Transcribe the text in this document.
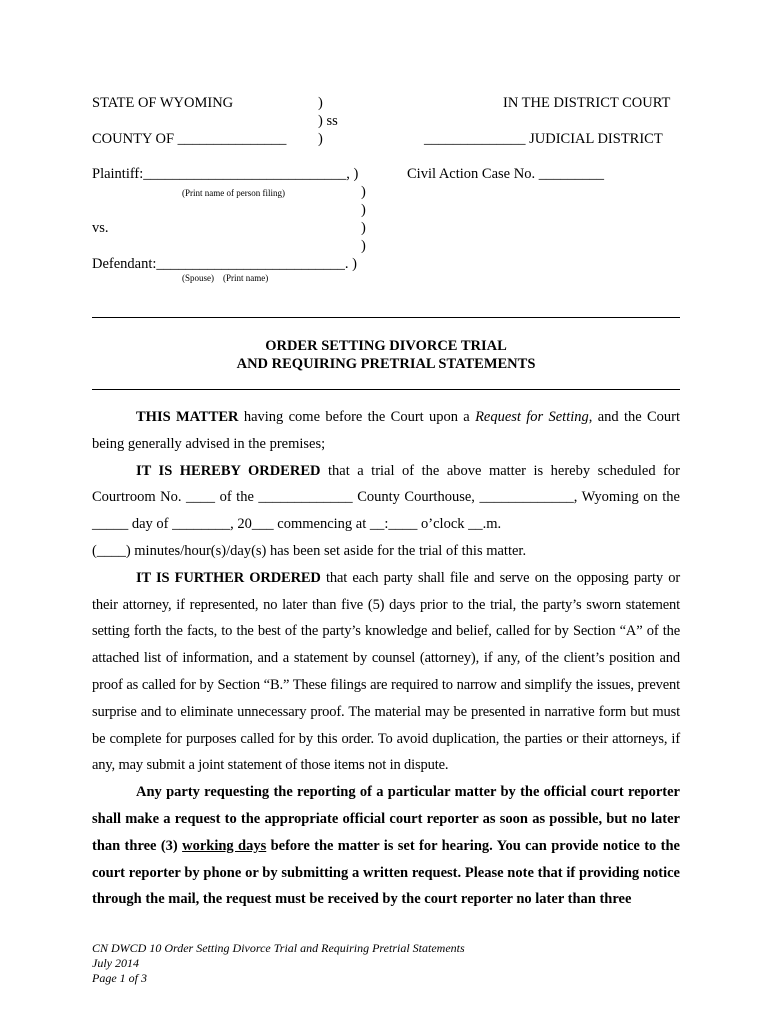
STATE OF WYOMING	)
) ss
)
COUNTY OF _______________
IN THE DISTRICT COURT
______________ JUDICIAL DISTRICT
Plaintiff:____________________________, )
(Print name of person filing)
Civil Action Case No. _________
)
)
vs.	)
)
Defendant:__________________________. )
(Spouse)    (Print name)
ORDER SETTING DIVORCE TRIAL
AND REQUIRING PRETRIAL STATEMENTS

THIS MATTER having come before the Court upon a Request for Setting, and the Court being generally advised in the premises;

IT IS HEREBY ORDERED that a trial of the above matter is hereby scheduled for Courtroom No. ____ of the _____________ County Courthouse, _____________, Wyoming on the _____ day of ________, 20___ commencing at __:____ o’clock __.m.

(____) minutes/hour(s)/day(s) has been set aside for the trial of this matter.

IT IS FURTHER ORDERED that each party shall file and serve on the opposing party or their attorney, if represented, no later than five (5) days prior to the trial, the party’s sworn statement setting forth the facts, to the best of the party’s knowledge and belief, called for by Section “A” of the attached list of information, and a statement by counsel (attorney), if any, of the client’s position and proof as called for by Section “B.” These filings are required to narrow and simplify the issues, prevent surprise and to eliminate unnecessary proof. The material may be presented in narrative form but must be complete for purposes called for by this order. To avoid duplication, the parties or their attorneys, if any, may submit a joint statement of those items not in dispute.

Any party requesting the reporting of a particular matter by the official court reporter shall make a request to the appropriate official court reporter as soon as possible, but no later than three (3) working days before the matter is set for hearing. You can provide notice to the court reporter by phone or by submitting a written request. Please note that if providing notice through the mail, the request must be received by the court reporter no later than three

CN DWCD 10 Order Setting Divorce Trial and Requiring Pretrial Statements
July 2014
Page 1 of 3
